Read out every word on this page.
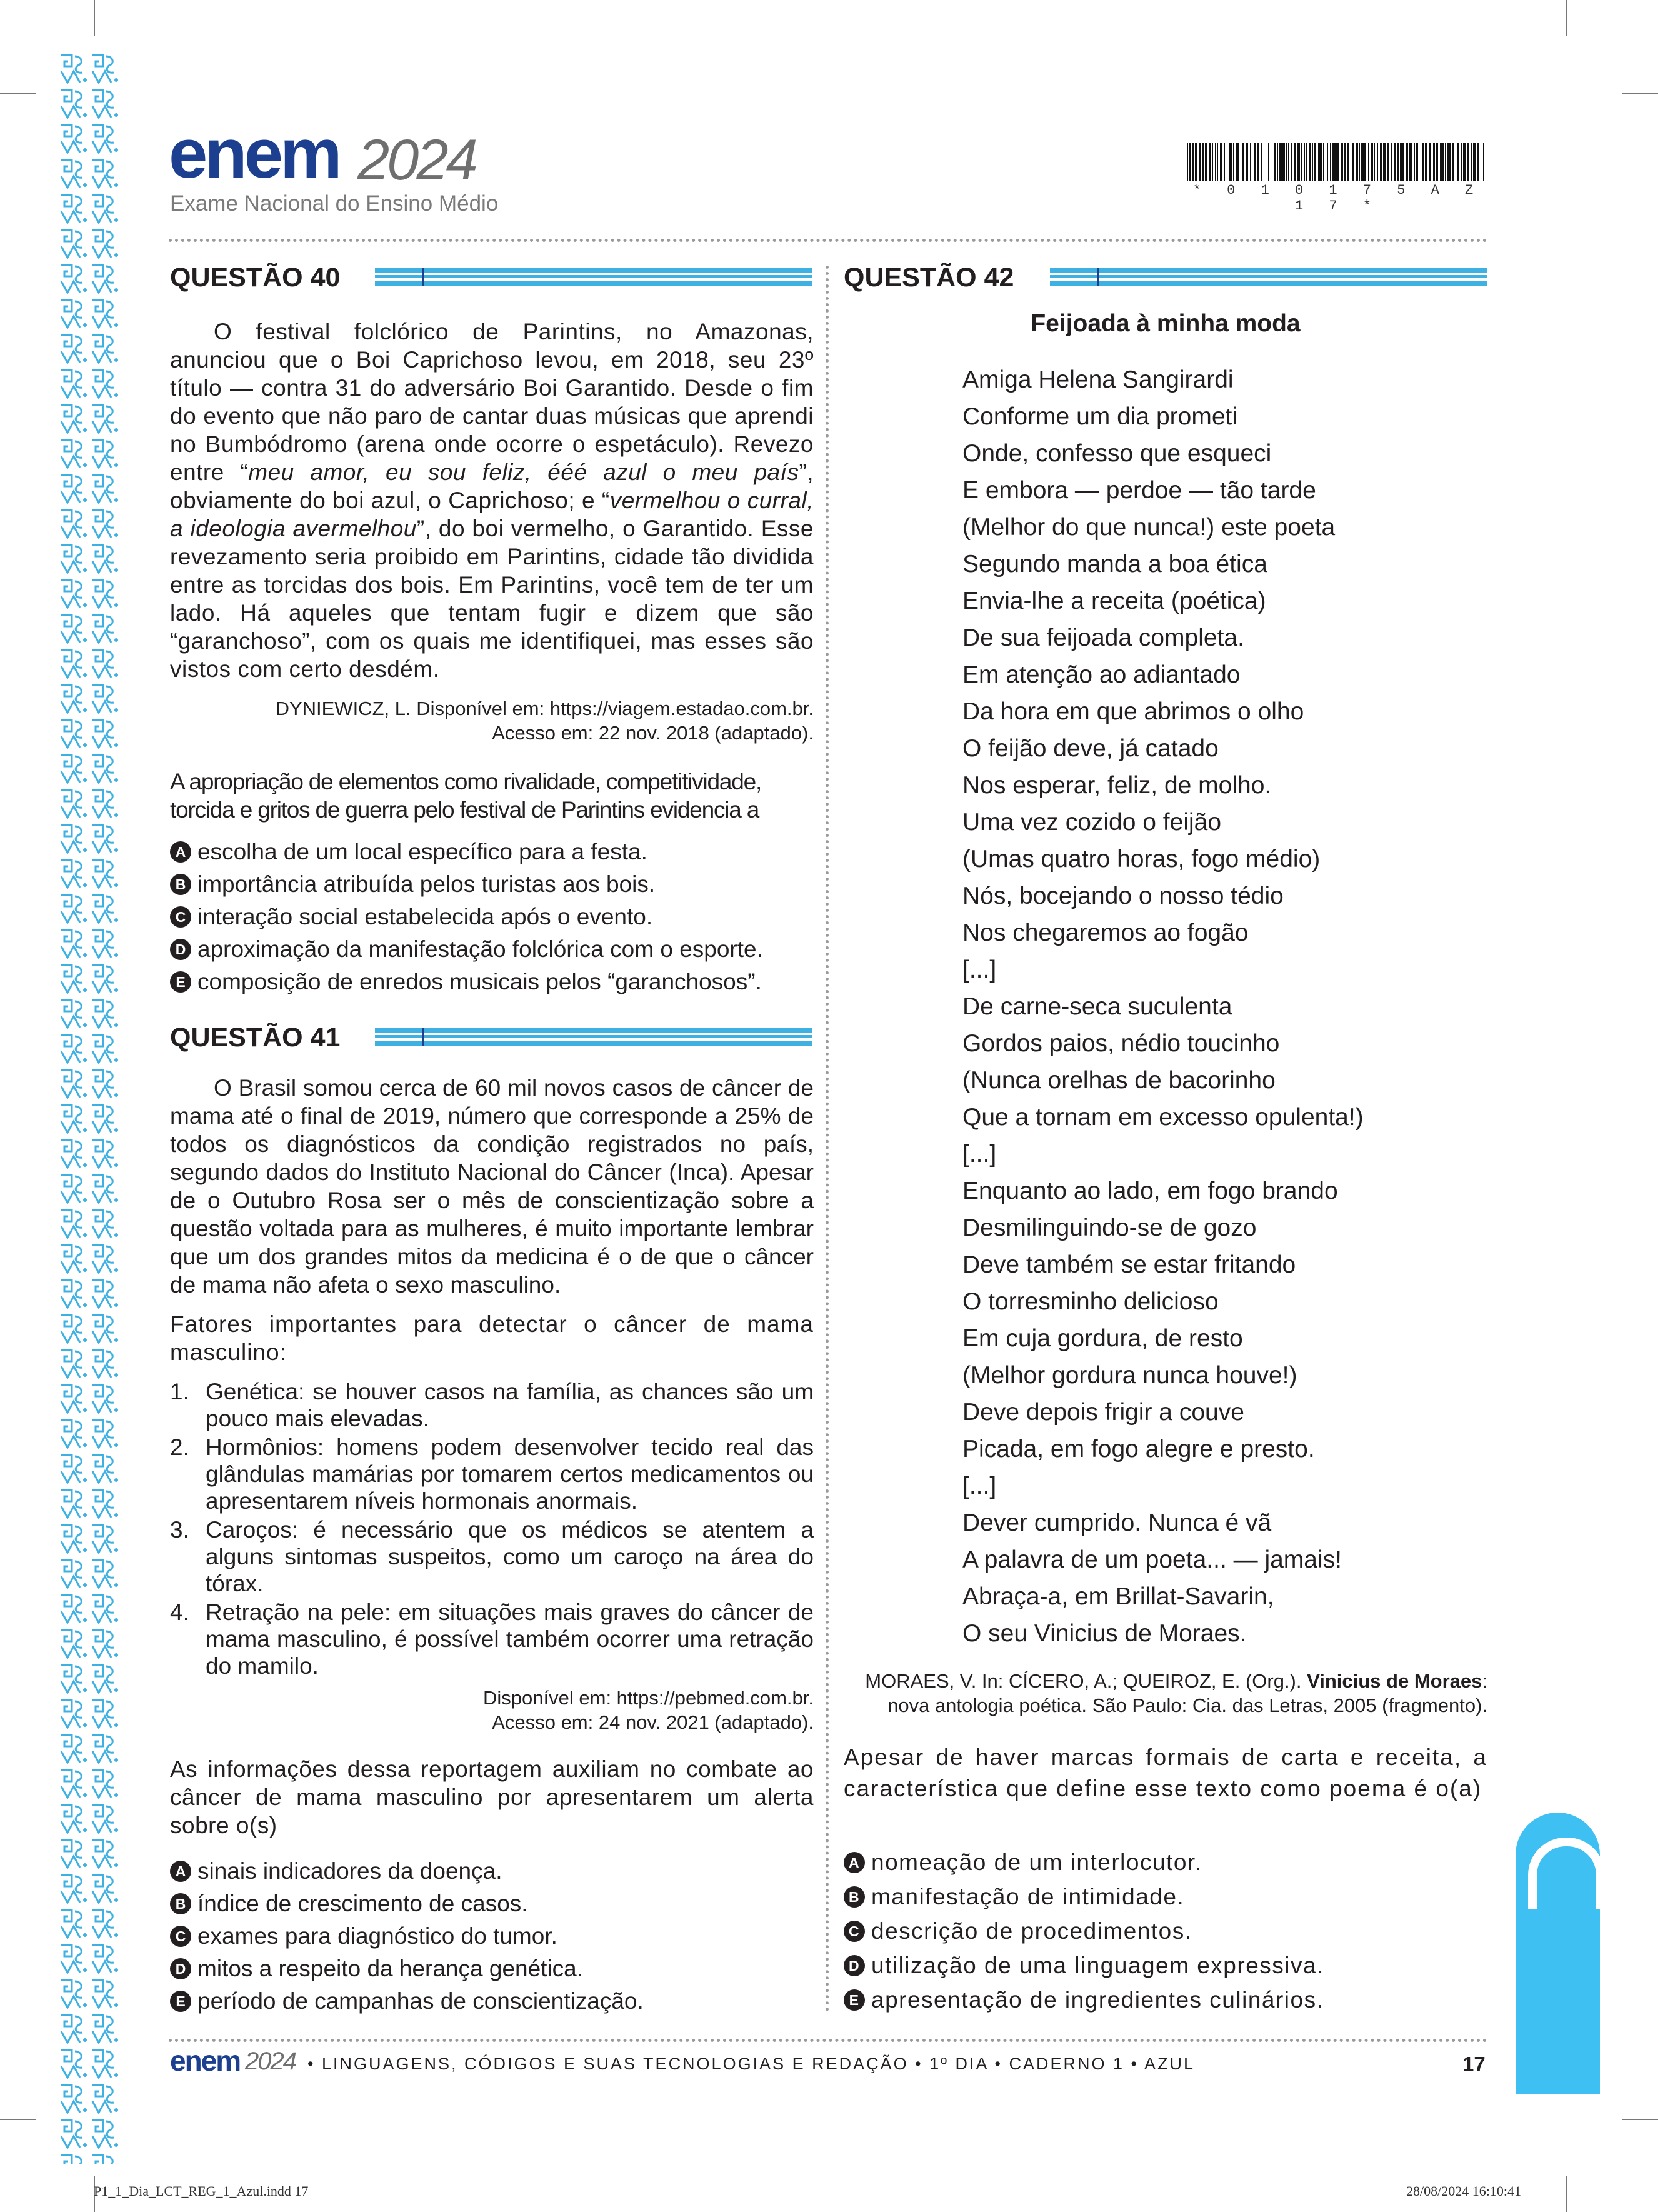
enem 2024
Exame Nacional do Ensino Médio
* 0 1 0 1 7 5 A Z 1 7 *
QUESTÃO 40
O festival folclórico de Parintins, no Amazonas, anunciou que o Boi Caprichoso levou, em 2018, seu 23º título — contra 31 do adversário Boi Garantido. Desde o fim do evento que não paro de cantar duas músicas que aprendi no Bumbódromo (arena onde ocorre o espetáculo). Revezo entre “meu amor, eu sou feliz, ééé azul o meu país”, obviamente do boi azul, o Caprichoso; e “vermelhou o curral, a ideologia avermelhou”, do boi vermelho, o Garantido. Esse revezamento seria proibido em Parintins, cidade tão dividida entre as torcidas dos bois. Em Parintins, você tem de ter um lado. Há aqueles que tentam fugir e dizem que são “garanchoso”, com os quais me identifiquei, mas esses são vistos com certo desdém.
DYNIEWICZ, L. Disponível em: https://viagem.estadao.com.br.
Acesso em: 22 nov. 2018 (adaptado).
A apropriação de elementos como rivalidade, competitividade, torcida e gritos de guerra pelo festival de Parintins evidencia a
A escolha de um local específico para a festa.
B importância atribuída pelos turistas aos bois.
C interação social estabelecida após o evento.
D aproximação da manifestação folclórica com o esporte.
E composição de enredos musicais pelos “garanchosos”.
QUESTÃO 41
O Brasil somou cerca de 60 mil novos casos de câncer de mama até o final de 2019, número que corresponde a 25% de todos os diagnósticos da condição registrados no país, segundo dados do Instituto Nacional do Câncer (Inca). Apesar de o Outubro Rosa ser o mês de conscientização sobre a questão voltada para as mulheres, é muito importante lembrar que um dos grandes mitos da medicina é o de que o câncer de mama não afeta o sexo masculino.
Fatores importantes para detectar o câncer de mama masculino:
1. Genética: se houver casos na família, as chances são um pouco mais elevadas.
2. Hormônios: homens podem desenvolver tecido real das glândulas mamárias por tomarem certos medicamentos ou apresentarem níveis hormonais anormais.
3. Caroços: é necessário que os médicos se atentem a alguns sintomas suspeitos, como um caroço na área do tórax.
4. Retração na pele: em situações mais graves do câncer de mama masculino, é possível também ocorrer uma retração do mamilo.
Disponível em: https://pebmed.com.br.
Acesso em: 24 nov. 2021 (adaptado).
As informações dessa reportagem auxiliam no combate ao câncer de mama masculino por apresentarem um alerta sobre o(s)
A sinais indicadores da doença.
B índice de crescimento de casos.
C exames para diagnóstico do tumor.
D mitos a respeito da herança genética.
E período de campanhas de conscientização.
QUESTÃO 42
Feijoada à minha moda
Amiga Helena Sangirardi
Conforme um dia prometi
Onde, confesso que esqueci
E embora — perdoe — tão tarde
(Melhor do que nunca!) este poeta
Segundo manda a boa ética
Envia-lhe a receita (poética)
De sua feijoada completa.
Em atenção ao adiantado
Da hora em que abrimos o olho
O feijão deve, já catado
Nos esperar, feliz, de molho.
Uma vez cozido o feijão
(Umas quatro horas, fogo médio)
Nós, bocejando o nosso tédio
Nos chegaremos ao fogão
[...]
De carne-seca suculenta
Gordos paios, nédio toucinho
(Nunca orelhas de bacorinho
Que a tornam em excesso opulenta!)
[...]
Enquanto ao lado, em fogo brando
Desmilinguindo-se de gozo
Deve também se estar fritando
O torresminho delicioso
Em cuja gordura, de resto
(Melhor gordura nunca houve!)
Deve depois frigir a couve
Picada, em fogo alegre e presto.
[...]
Dever cumprido. Nunca é vã
A palavra de um poeta... — jamais!
Abraça-a, em Brillat-Savarin,
O seu Vinicius de Moraes.
MORAES, V. In: CÍCERO, A.; QUEIROZ, E. (Org.). Vinicius de Moraes:
nova antologia poética. São Paulo: Cia. das Letras, 2005 (fragmento).
Apesar de haver marcas formais de carta e receita, a característica que define esse texto como poema é o(a)
A nomeação de um interlocutor.
B manifestação de intimidade.
C descrição de procedimentos.
D utilização de uma linguagem expressiva.
E apresentação de ingredientes culinários.
enem 2024 • LINGUAGENS, CÓDIGOS E SUAS TECNOLOGIAS E REDAÇÃO • 1º DIA • CADERNO 1 • AZUL	17
P1_1_Dia_LCT_REG_1_Azul.indd 17	28/08/2024 16:10:41
